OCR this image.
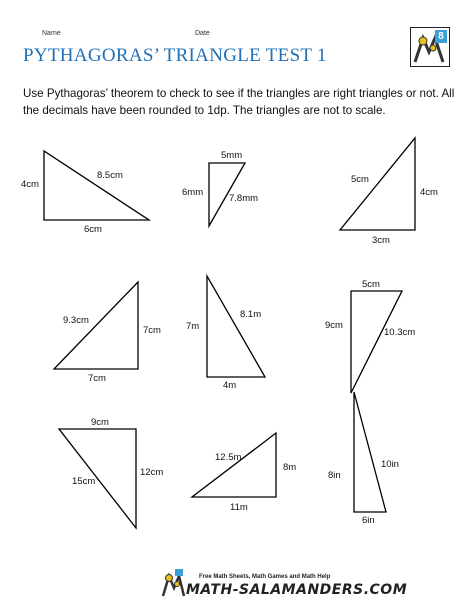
Name	Date
PYTHAGORAS’ TRIANGLE TEST 1
8
Use Pythagoras’ theorem to check to see if the triangles are right triangles or not. All the decimals have been rounded to 1dp. The triangles are not to scale.
4cm
8.5cm
6cm
5mm
6mm
7.8mm
5cm
4cm
3cm
9.3cm
7cm
7cm
7m
8.1m
4m
5cm
9cm
10.3cm
9cm
15cm
12cm
12.5m
8m
11m
8in
10in
6in
Free Math Sheets, Math Games and Math Help
MATH-SALAMANDERS.COM
